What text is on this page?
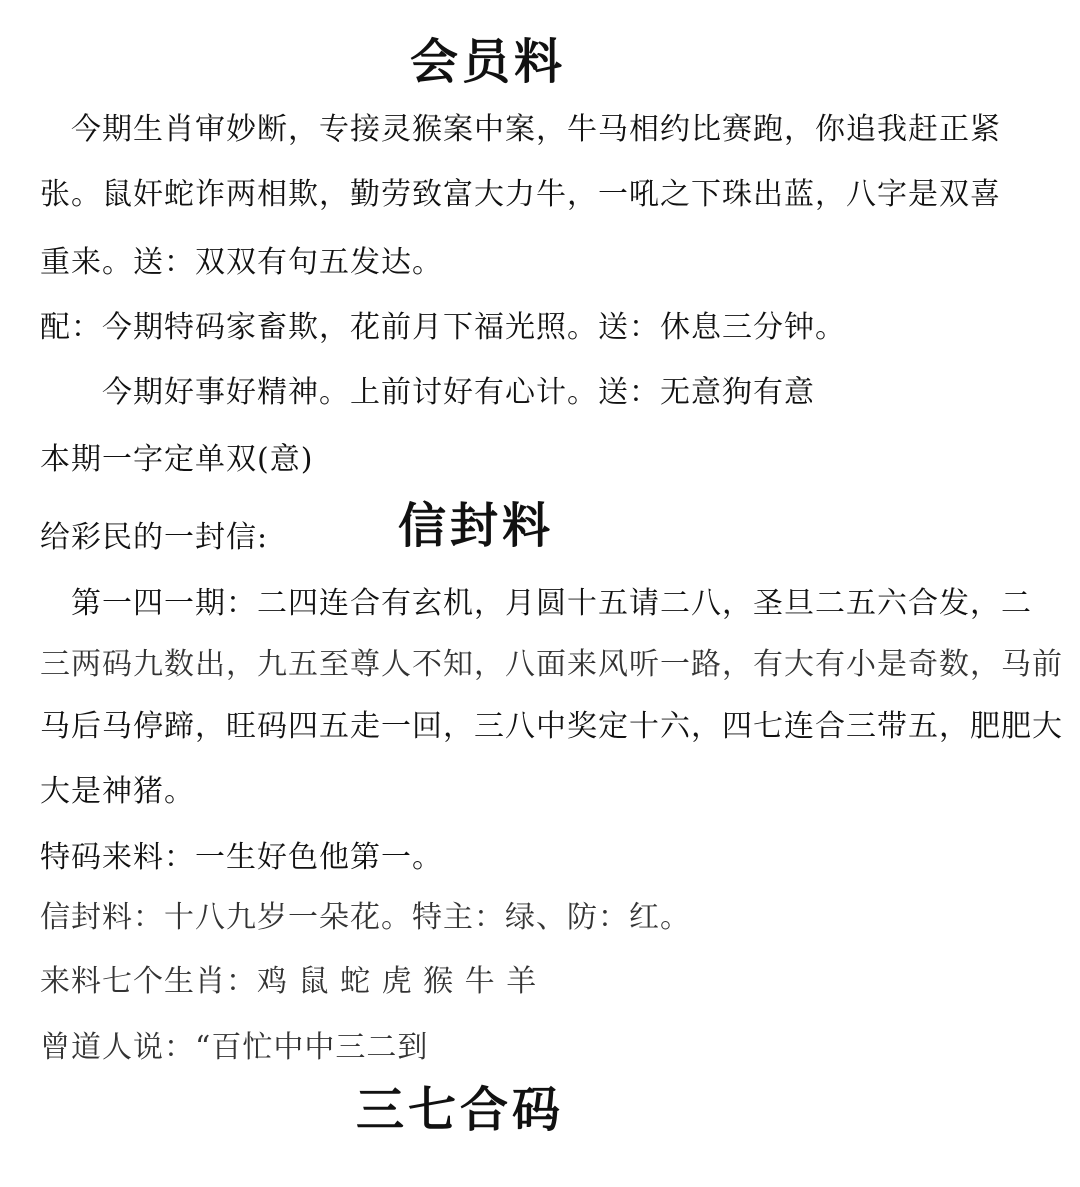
会员料
　今期生肖审妙断，专接灵猴案中案，牛马相约比赛跑，你追我赶正紧
张。鼠奸蛇诈两相欺，勤劳致富大力牛，一吼之下珠出蓝，八字是双喜
重来。送：双双有句五发达。
配：今期特码家畜欺，花前月下福光照。送：休息三分钟。
　　今期好事好精神。上前讨好有心计。送：无意狗有意
本期一字定单双(意)
给彩民的一封信:	信封料
　第一四一期：二四连合有玄机，月圆十五请二八，圣旦二五六合发，二
三两码九数出，九五至尊人不知，八面来风听一路，有大有小是奇数，马前
马后马停蹄，旺码四五走一回，三八中奖定十六，四七连合三带五，肥肥大
大是神猪。
特码来料：一生好色他第一。
信封料：十八九岁一朵花。特主：绿、防：红。
来料七个生肖：鸡 鼠 蛇 虎 猴 牛 羊
曾道人说：“百忙中中三二到
三七合码
